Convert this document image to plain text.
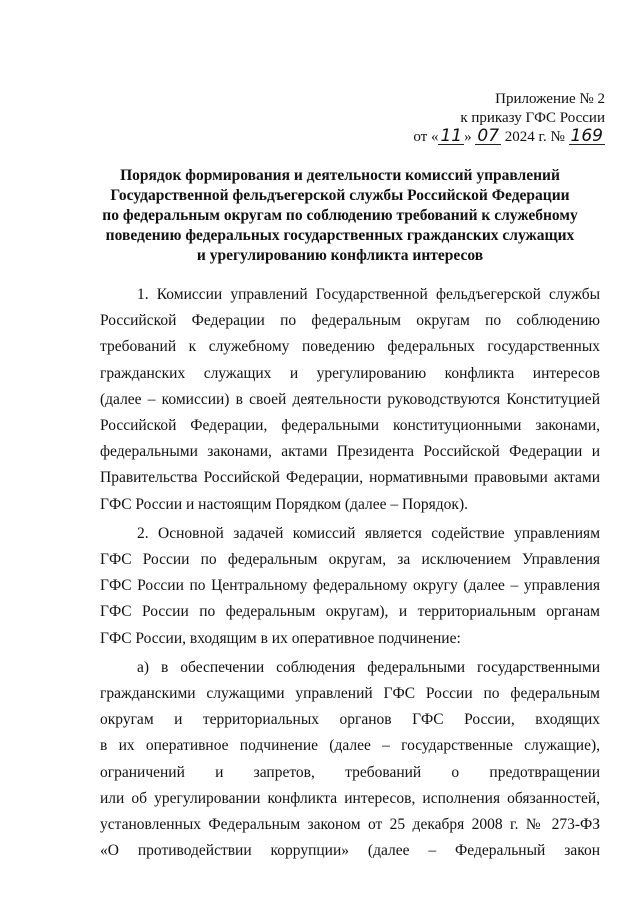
Приложение № 2
к приказу ГФС России
от « 11 » 07 2024 г. № 169
Порядок формирования и деятельности комиссий управлений
Государственной фельдъегерской службы Российской Федерации
по федеральным округам по соблюдению требований к служебному
поведению федеральных государственных гражданских служащих
и урегулированию конфликта интересов
1. Комиссии управлений Государственной фельдъегерской службы
Российской Федерации по федеральным округам по соблюдению
требований к служебному поведению федеральных государственных
гражданских служащих и урегулированию конфликта интересов
(далее – комиссии) в своей деятельности руководствуются Конституцией
Российской Федерации, федеральными конституционными законами,
федеральными законами, актами Президента Российской Федерации и
Правительства Российской Федерации, нормативными правовыми актами
ГФС России и настоящим Порядком (далее – Порядок).
2. Основной задачей комиссий является содействие управлениям
ГФС России по федеральным округам, за исключением Управления
ГФС России по Центральному федеральному округу (далее – управления
ГФС России по федеральным округам), и территориальным органам
ГФС России, входящим в их оперативное подчинение:
а) в обеспечении соблюдения федеральными государственными
гражданскими служащими управлений ГФС России по федеральным
округам и территориальных органов ГФС России, входящих
в их оперативное подчинение (далее – государственные служащие),
ограничений и запретов, требований о предотвращении
или об урегулировании конфликта интересов, исполнения обязанностей,
установленных Федеральным законом от 25 декабря 2008 г. № 273-ФЗ
«О противодействии коррупции» (далее – Федеральный закон
